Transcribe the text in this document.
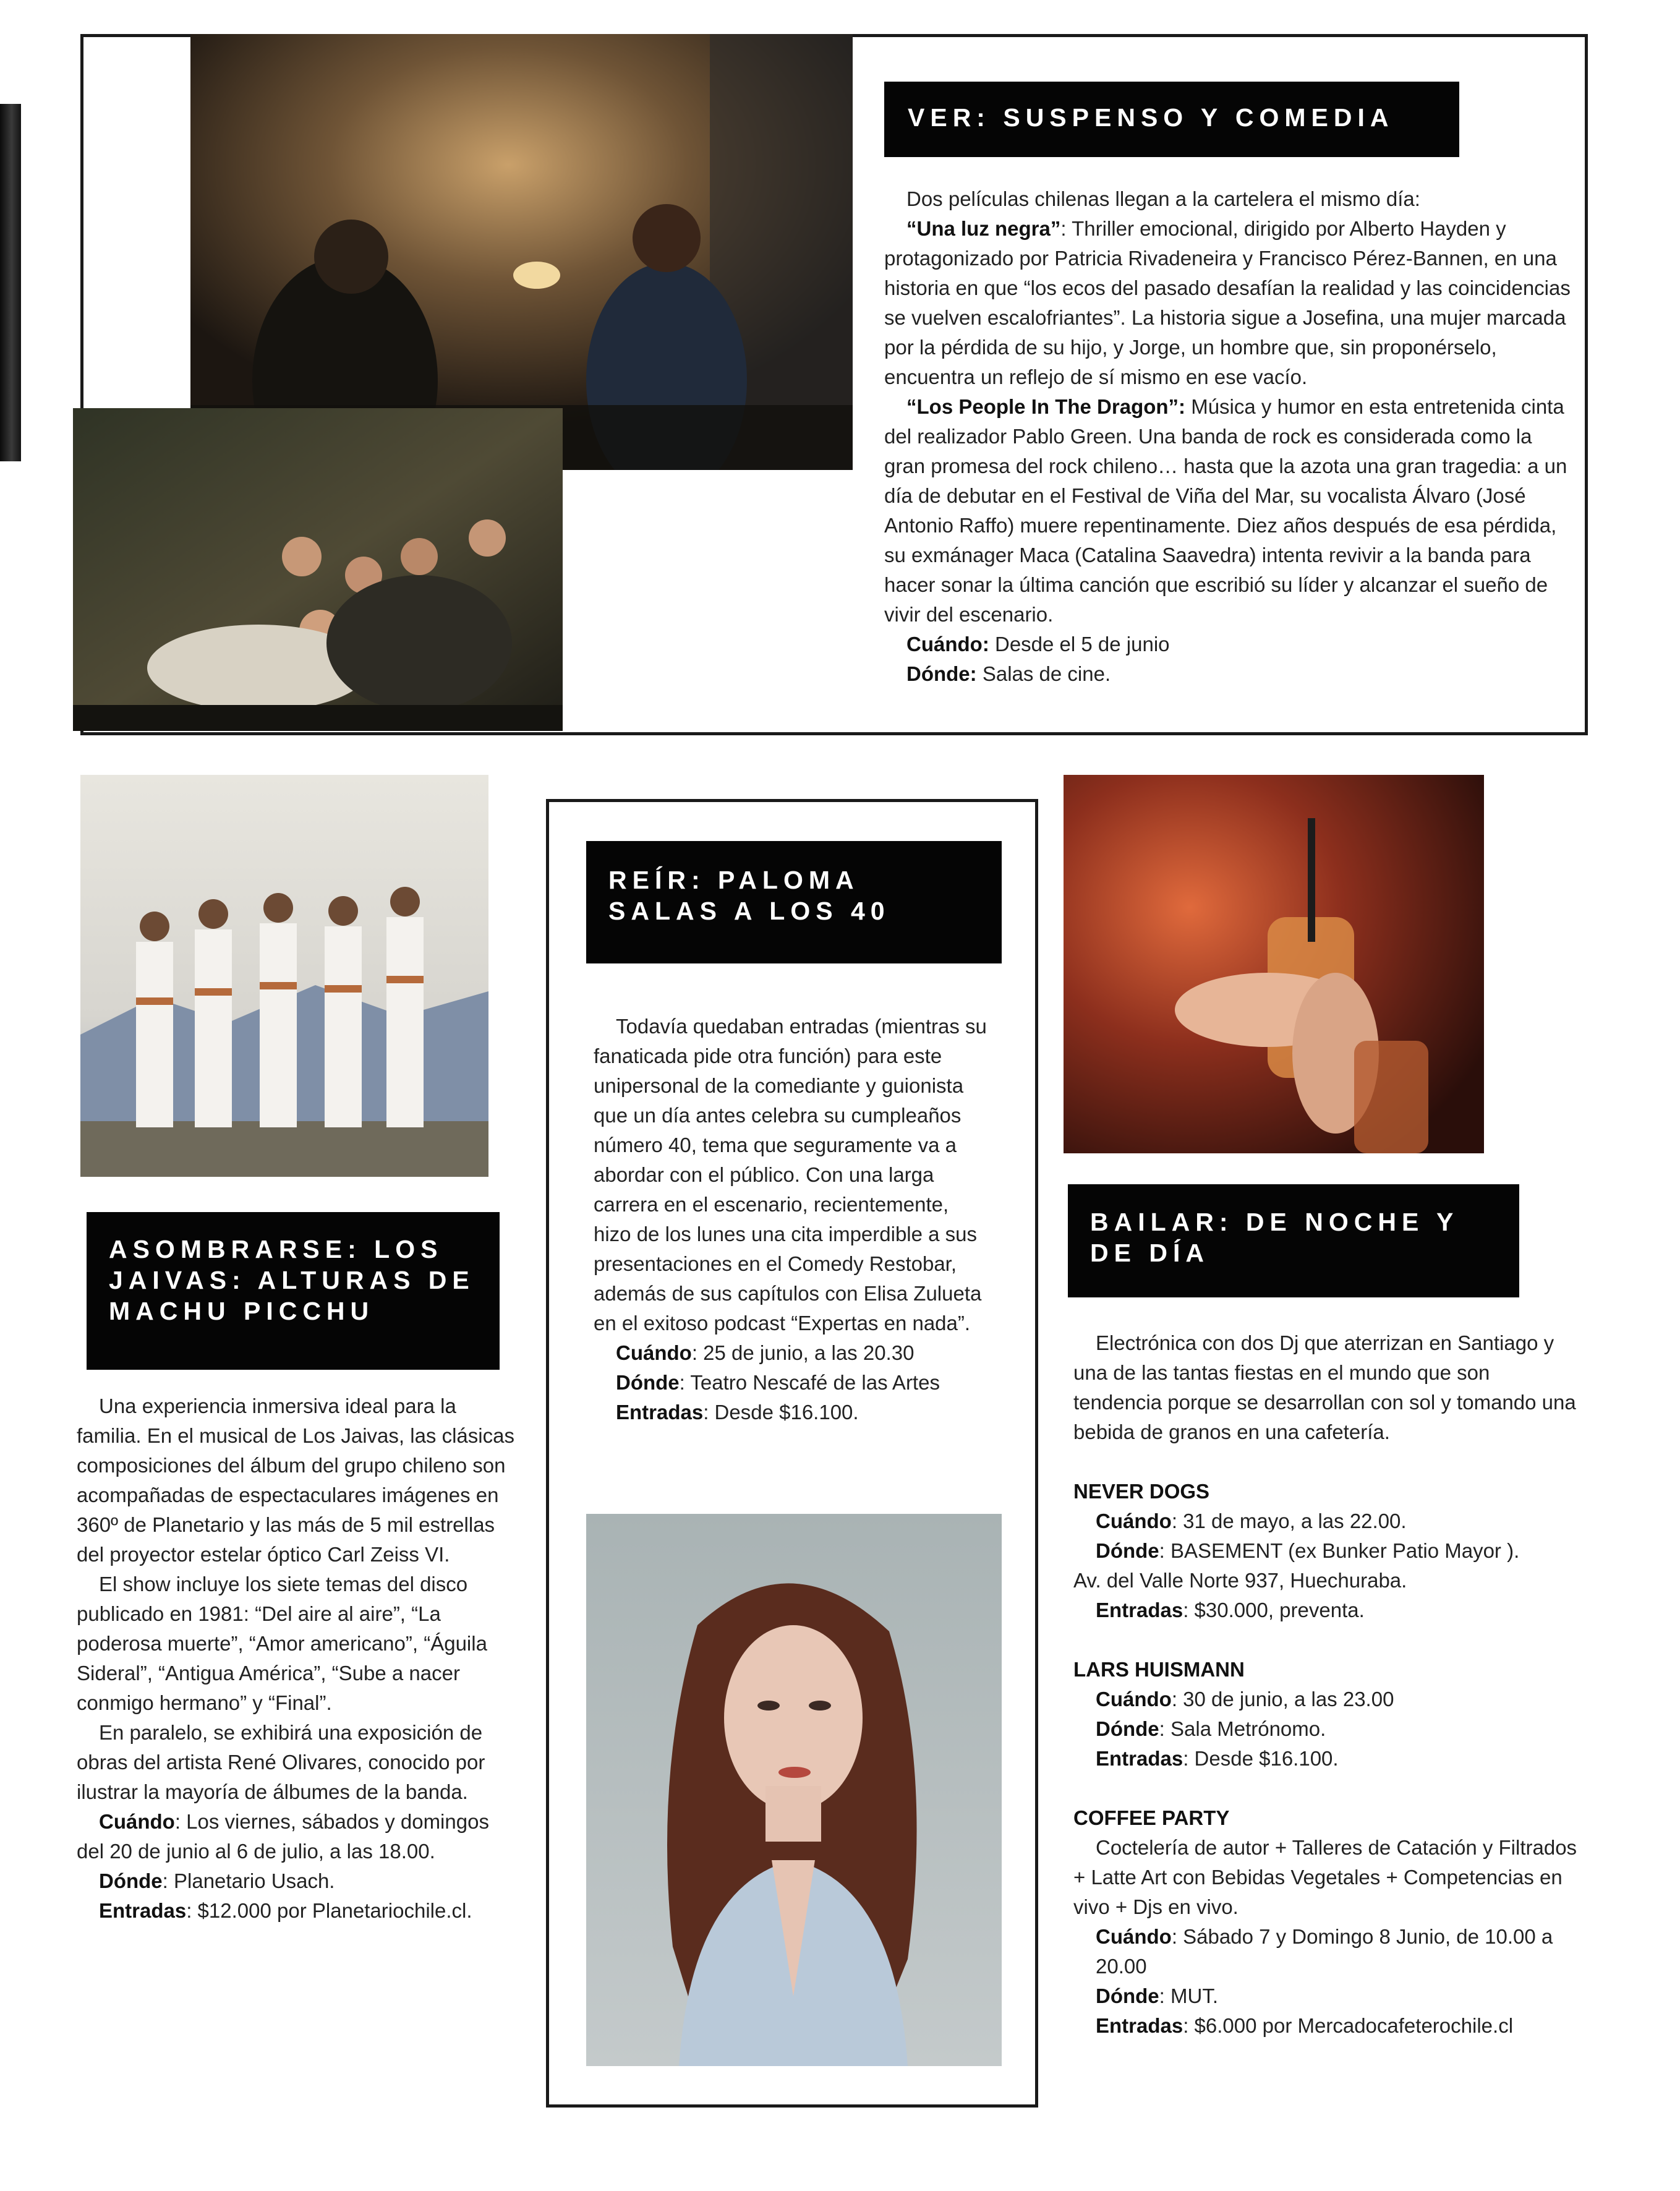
VER: SUSPENSO Y COMEDIA

Dos películas chilenas llegan a la cartelera el mismo día:

“Una luz negra”: Thriller emocional, dirigido por Alberto Hayden y protagonizado por Patricia Rivadeneira y Francisco Pérez-Bannen, en una historia en que “los ecos del pasado desafían la realidad y las coincidencias se vuelven escalofriantes”. La historia sigue a Josefina, una mujer marcada por la pérdida de su hijo, y Jorge, un hombre que, sin proponérselo, encuentra un reflejo de sí mismo en ese vacío.

“Los People In The Dragon”: Música y humor en esta entretenida cinta del realizador Pablo Green. Una banda de rock es considerada como la gran promesa del rock chileno… hasta que la azota una gran tragedia: a un día de debutar en el Festival de Viña del Mar, su vocalista Álvaro (José Antonio Raffo) muere repentinamente. Diez años después de esa pérdida, su exmánager Maca (Catalina Saavedra) intenta revivir a la banda para hacer sonar la última canción que escribió su líder y alcanzar el sueño de vivir del escenario.

Cuándo: Desde el 5 de junio

Dónde: Salas de cine.

ASOMBRARSE: LOS JAIVAS: ALTURAS DE MACHU PICCHU

Una experiencia inmersiva ideal para la familia. En el musical de Los Jaivas, las clásicas composiciones del álbum del grupo chileno son acompañadas de espectaculares imágenes en 360º de Planetario y las más de 5 mil estrellas del proyector estelar óptico Carl Zeiss VI.

El show incluye los siete temas del disco publicado en 1981: “Del aire al aire”, “La poderosa muerte”, “Amor americano”, “Águila Sideral”, “Antigua América”, “Sube a nacer conmigo hermano” y “Final”.

En paralelo, se exhibirá una exposición de obras del artista René Olivares, conocido por ilustrar la mayoría de álbumes de la banda.

Cuándo: Los viernes, sábados y domingos del 20 de junio al 6 de julio, a las 18.00.

Dónde: Planetario Usach.

Entradas: $12.000 por Planetariochile.cl.

REÍR: PALOMA SALAS A LOS 40

Todavía quedaban entradas (mientras su fanaticada pide otra función) para este unipersonal de la comediante y guionista que un día antes celebra su cumpleaños número 40, tema que seguramente va a abordar con el público. Con una larga carrera en el escenario, recientemente, hizo de los lunes una cita imperdible a sus presentaciones en el Comedy Restobar, además de sus capítulos con Elisa Zulueta en el exitoso podcast “Expertas en nada”.

Cuándo: 25 de junio, a las 20.30

Dónde: Teatro Nescafé de las Artes

Entradas: Desde $16.100.

BAILAR: DE NOCHE Y DE DÍA

Electrónica con dos Dj que aterrizan en Santiago y una de las tantas fiestas en el mundo que son tendencia porque se desarrollan con sol y tomando una bebida de granos en una cafetería.

NEVER DOGS

Cuándo: 31 de mayo, a las 22.00.

Dónde: BASEMENT (ex Bunker Patio Mayor ).

Av. del Valle Norte 937, Huechuraba.

Entradas: $30.000, preventa.

LARS HUISMANN

Cuándo: 30 de junio, a las 23.00

Dónde: Sala Metrónomo.

Entradas: Desde $16.100.

COFFEE PARTY

Coctelería de autor + Talleres de Catación y Filtrados + Latte Art con Bebidas Vegetales + Competencias en vivo + Djs en vivo.

Cuándo: Sábado 7 y Domingo 8 Junio, de 10.00 a 20.00

Dónde: MUT.

Entradas: $6.000 por Mercadocafeterochile.cl
